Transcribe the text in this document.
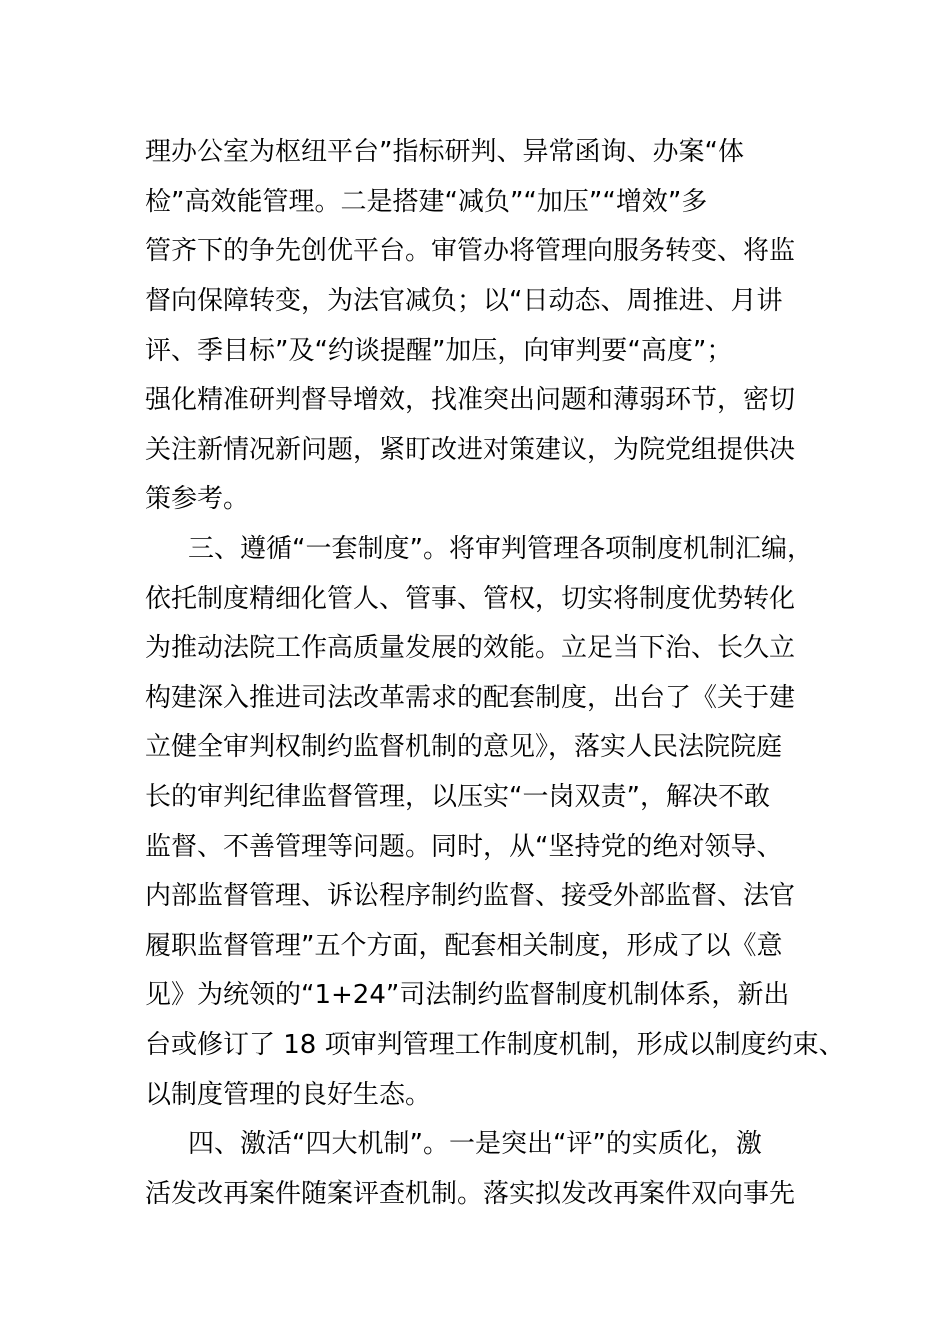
理办公室为枢纽平台”指标研判、异常函询、办案“体
检”高效能管理。二是搭建“减负”“加压”“增效”多
管齐下的争先创优平台。审管办将管理向服务转变、将监
督向保障转变，为法官减负；以“日动态、周推进、月讲
评、季目标”及“约谈提醒”加压，向审判要“高度”；
强化精准研判督导增效，找准突出问题和薄弱环节，密切
关注新情况新问题，紧盯改进对策建议，为院党组提供决
策参考。
三、遵循“一套制度”。将审判管理各项制度机制汇编，
依托制度精细化管人、管事、管权，切实将制度优势转化
为推动法院工作高质量发展的效能。立足当下治、长久立
构建深入推进司法改革需求的配套制度，出台了《关于建
立健全审判权制约监督机制的意见》，落实人民法院院庭
长的审判纪律监督管理，以压实“一岗双责”，解决不敢
监督、不善管理等问题。同时，从“坚持党的绝对领导、
内部监督管理、诉讼程序制约监督、接受外部监督、法官
履职监督管理”五个方面，配套相关制度，形成了以《意
见》为统领的“1+24”司法制约监督制度机制体系，新出
台或修订了 18 项审判管理工作制度机制，形成以制度约束、
以制度管理的良好生态。
四、激活“四大机制”。一是突出“评”的实质化，激
活发改再案件随案评查机制。落实拟发改再案件双向事先
